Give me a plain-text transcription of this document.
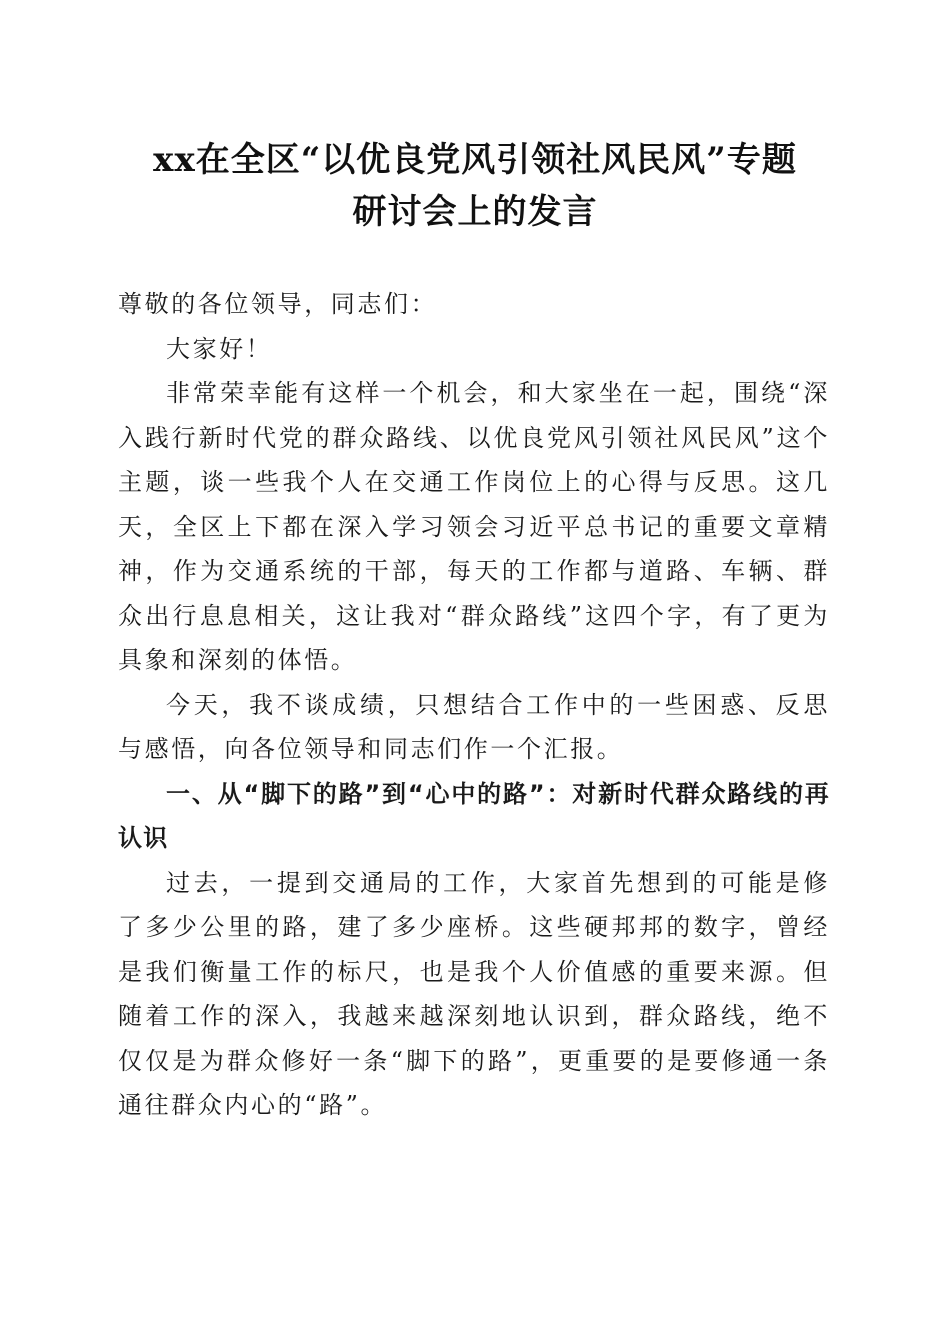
xx在全区“以优良党风引领社风民风”专题
研讨会上的发言

尊敬的各位领导，同志们：

大家好！

非常荣幸能有这样一个机会，和大家坐在一起，围绕“深入践行新时代党的群众路线、以优良党风引领社风民风”这个主题，谈一些我个人在交通工作岗位上的心得与反思。这几天，全区上下都在深入学习领会习近平总书记的重要文章精神，作为交通系统的干部，每天的工作都与道路、车辆、群众出行息息相关，这让我对“群众路线”这四个字，有了更为具象和深刻的体悟。

今天，我不谈成绩，只想结合工作中的一些困惑、反思与感悟，向各位领导和同志们作一个汇报。

一、从“脚下的路”到“心中的路”：对新时代群众路线的再认识

过去，一提到交通局的工作，大家首先想到的可能是修了多少公里的路，建了多少座桥。这些硬邦邦的数字，曾经是我们衡量工作的标尺，也是我个人价值感的重要来源。但随着工作的深入，我越来越深刻地认识到，群众路线，绝不仅仅是为群众修好一条“脚下的路”，更重要的是要修通一条通往群众内心的“路”。
